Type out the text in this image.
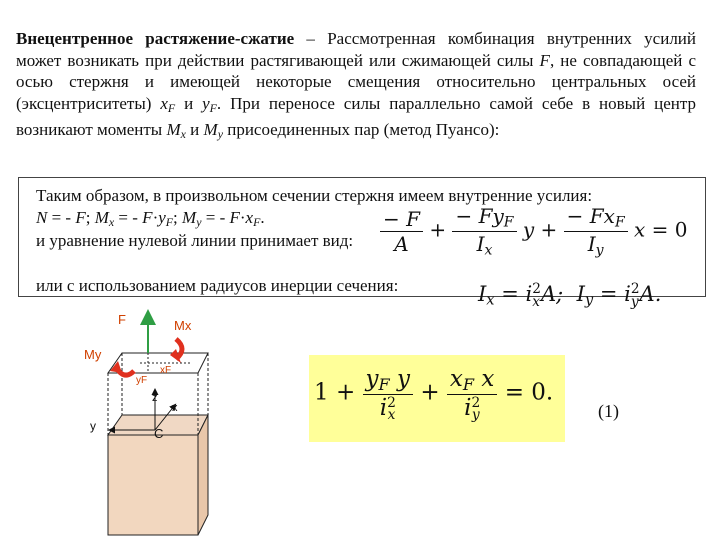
Внецентренное растяжение-сжатие – Рассмотренная комбинация внутренних усилий может возникать при действии растягивающей или сжимающей силы F, не совпадающей с осью стержня и имеющей некоторые смещения относительно центральных осей (эксцентриситеты) $x_F$ и $y_F$. При переносе силы параллельно самой себе в новый центр возникают моменты $M_x$ и $M_y$ присоединенных пар (метод Пуансо):
Таким образом, в произвольном сечении стержня имеем внутренние усилия:
N = - F; $M_x$ = - $F\cdot y_F$; $M_y$ = - $F\cdot x_F$.
и уравнение нулевой линии принимает вид:
или с использованием радиусов инерции сечения:
$\frac{- F}{A} + \frac{- Fy_F}{I_x}$ $y + \frac{- Fx_F}{I_y}$ x = 0
$I_x = i$ 2
x A; $I_y = i$ 2
y A.
$1 + y_F$ y
i 2
$x + x_F$ x
i 2
y = 0.
(1)
F	Mx
My
yF
xF
z
x
y	C
